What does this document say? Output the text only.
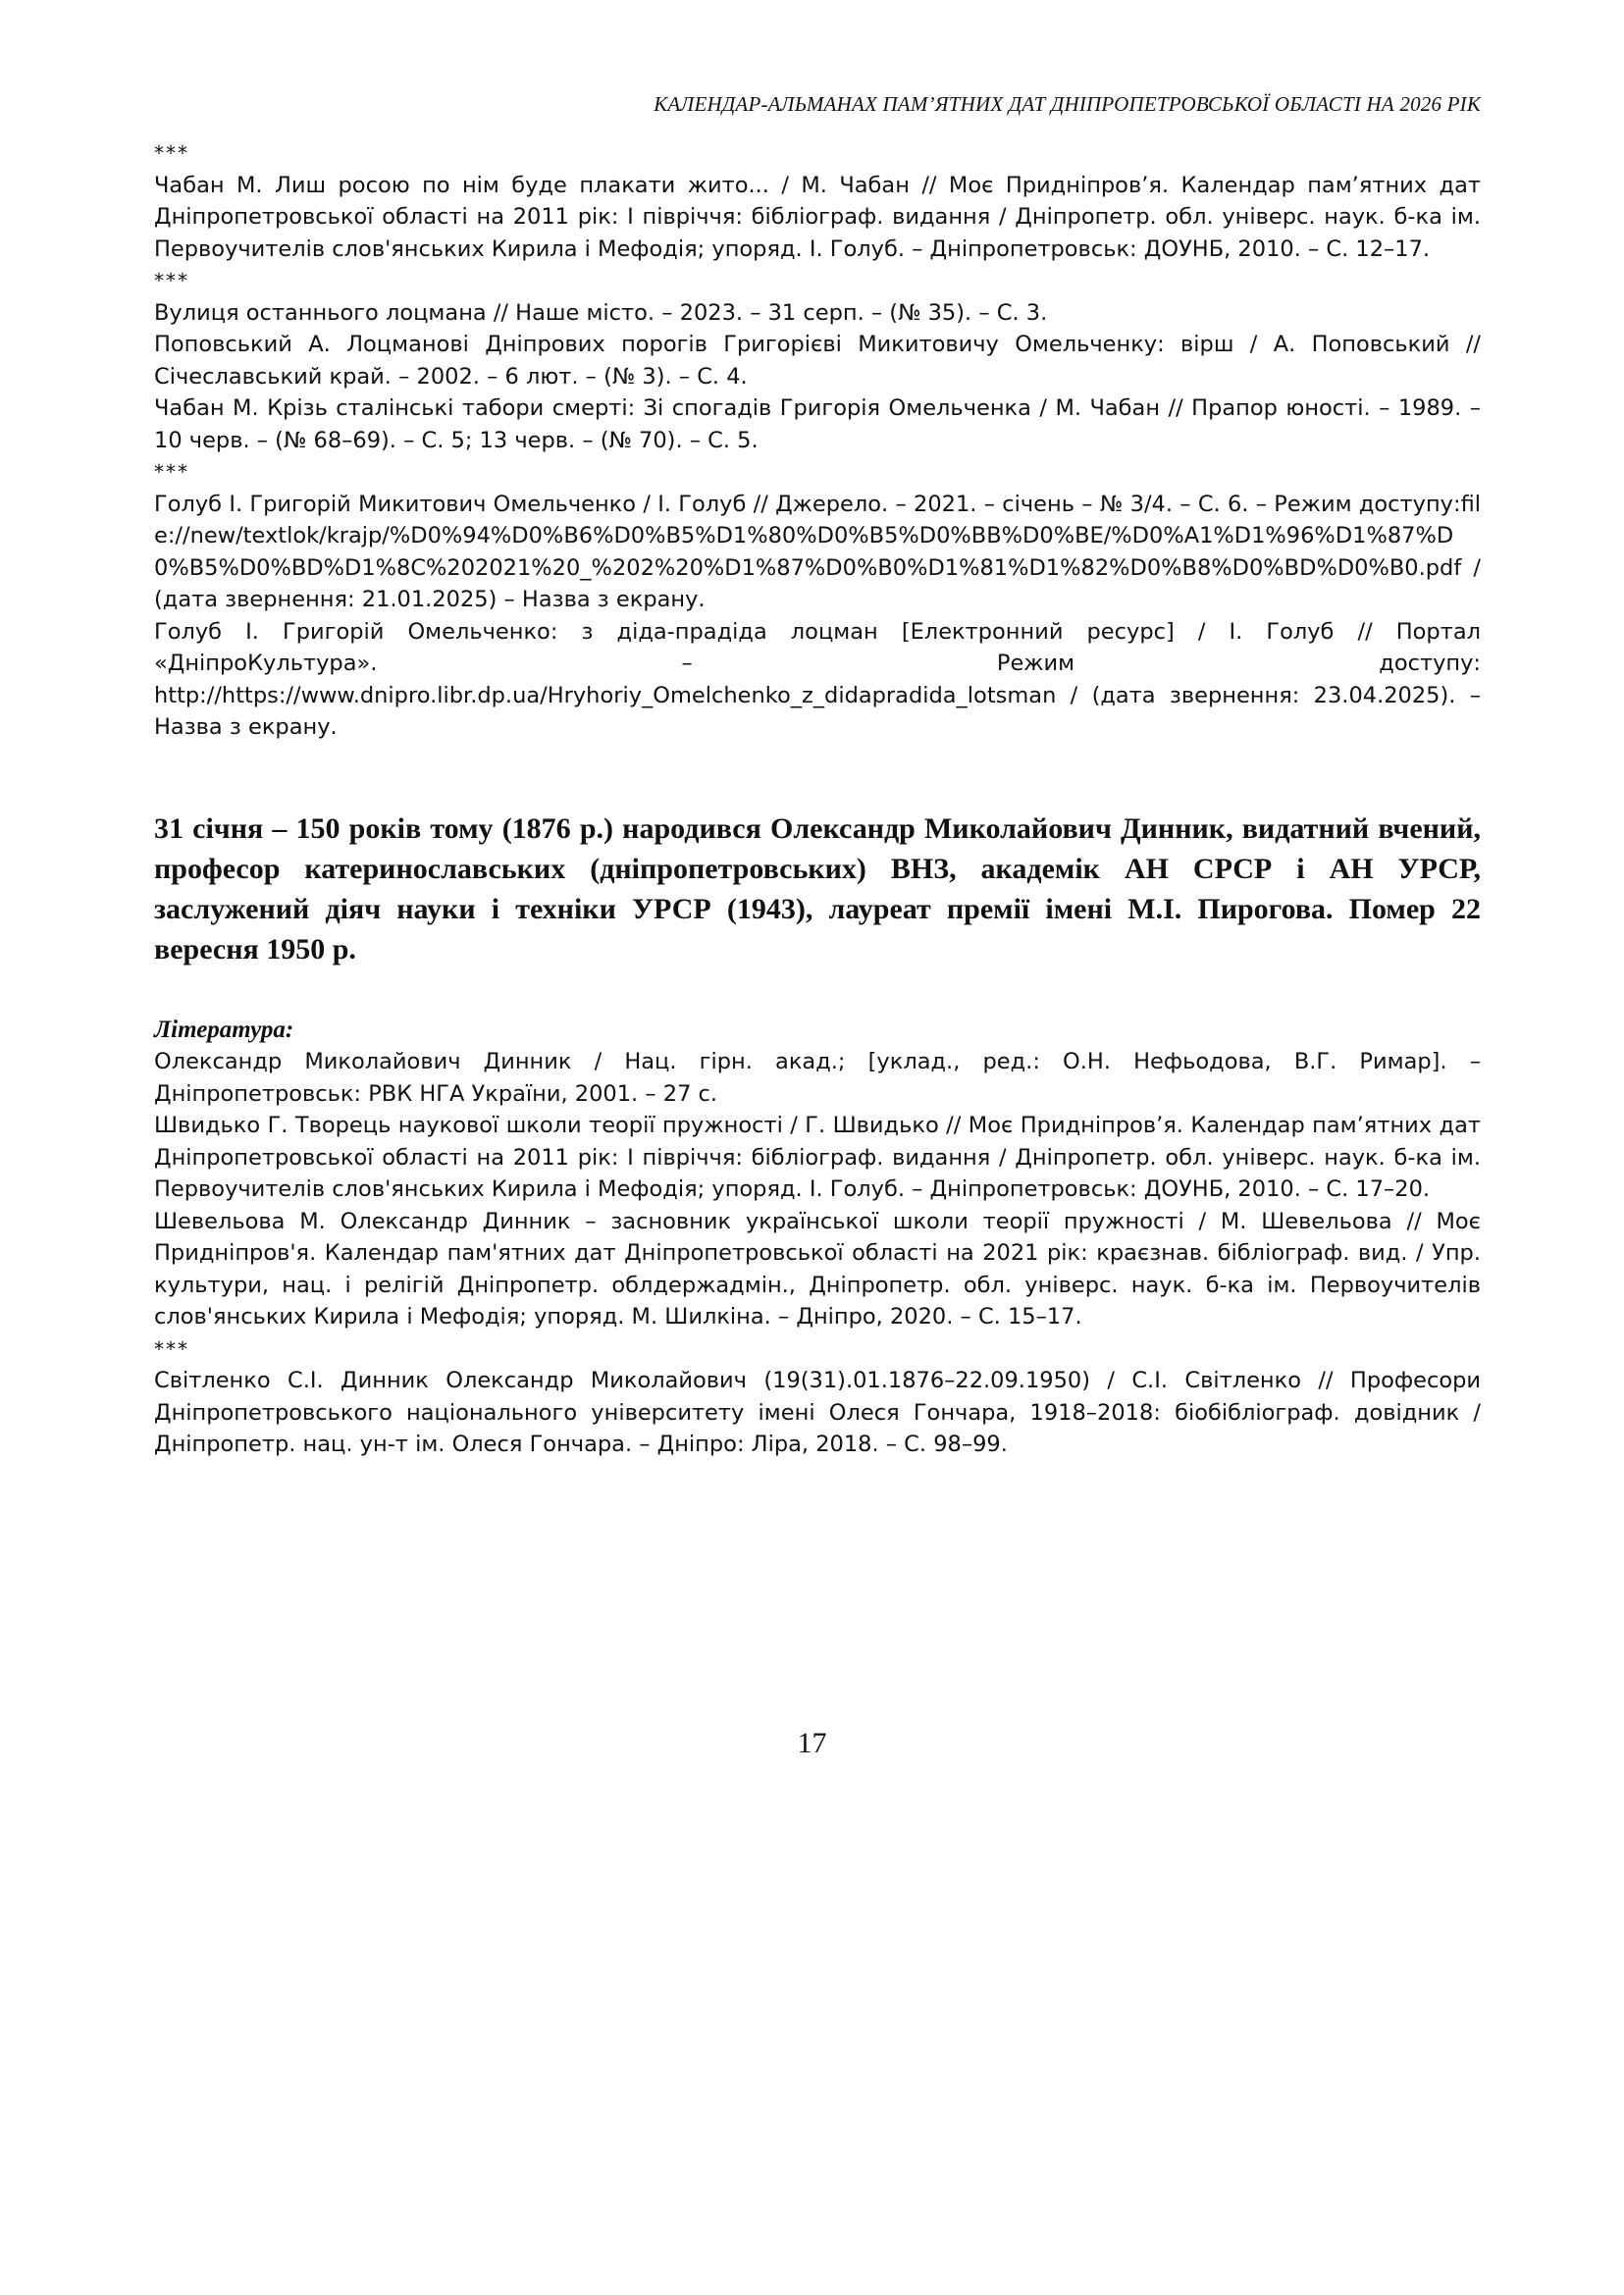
КАЛЕНДАР-АЛЬМАНАХ ПАМ’ЯТНИХ ДАТ ДНІПРОПЕТРОВСЬКОЇ ОБЛАСТІ НА 2026 РІК

***

Чабан М. Лиш росою по нім буде плакати жито... / М. Чабан // Моє Придніпров’я. Календар пам’ятних дат Дніпропетровської області на 2011 рік: I півріччя: бібліограф. видання / Дніпропетр. обл. універс. наук. б-ка ім. Первоучителів слов'янських Кирила і Мефодія; упоряд. І. Голуб. – Дніпропетровськ: ДОУНБ, 2010. – С. 12–17.

***

Вулиця останнього лоцмана // Наше місто. – 2023. – 31 серп. – (№ 35). – С. 3.

Поповський А. Лоцманові Дніпрових порогів Григорієві Микитовичу Омельченку: вірш / А. Поповський // Січеславський край. – 2002. – 6 лют. – (№ 3). – С. 4.

Чабан М. Крізь сталінські табори смерті: Зі спогадів Григорія Омельченка / М. Чабан // Прапор юності. – 1989. – 10 черв. – (№ 68–69). – С. 5; 13 черв. – (№ 70). – С. 5.

***

Голуб І. Григорій Микитович Омельченко / І. Голуб // Джерело. – 2021. – січень – № 3/4. – С. 6. – Режим доступу:file://new/textlok/krajp/%D0%94%D0%B6%D0%B5%D1%80%D0%B5%D0%BB%D0%BE/%D0%A1%D1%96%D1%87%D0%B5%D0%BD%D1%8C%202021%20_%202%20%D1%87%D0%B0%D1%81%D1%82%D0%B8%D0%BD%D0%B0.pdf / (дата звернення: 21.01.2025) – Назва з екрану.

Голуб І. Григорій Омельченко: з діда-прадіда лоцман [Електронний ресурс] / І. Голуб // Портал «ДніпроКультура». – Режим доступу: http://https://www.dnipro.libr.dp.ua/Hryhoriy_Omelchenko_z_didapradida_lotsman / (дата звернення: 23.04.2025). – Назва з екрану.

31 січня – 150 років тому (1876 р.) народився Олександр Миколайович Динник, видатний вчений, професор катеринославських (дніпропетровських) ВНЗ, академік АН СРСР і АН УРСР, заслужений діяч науки і техніки УРСР (1943), лауреат премії імені М.І. Пирогова. Помер 22 вересня 1950 р.

Література:

Олександр Миколайович Динник / Нац. гірн. акад.; [уклад., ред.: О.Н. Нефьодова, В.Г. Римар]. – Дніпропетровськ: РВК НГА України, 2001. – 27 с.

Швидько Г. Творець наукової школи теорії пружності / Г. Швидько // Моє Придніпров’я. Календар пам’ятних дат Дніпропетровської області на 2011 рік: I півріччя: бібліограф. видання / Дніпропетр. обл. універс. наук. б-ка ім. Первоучителів слов'янських Кирила і Мефодія; упоряд. І. Голуб. – Дніпропетровськ: ДОУНБ, 2010. – С. 17–20.

Шевельова М. Олександр Динник – засновник української школи теорії пружності / М. Шевельова // Моє Придніпров'я. Календар пам'ятних дат Дніпропетровської області на 2021 рік: краєзнав. бібліограф. вид. / Упр. культури, нац. і релігій Дніпропетр. облдержадмін., Дніпропетр. обл. універс. наук. б-ка ім. Первоучителів слов'янських Кирила і Мефодія; упоряд. М. Шилкіна. – Дніпро, 2020. – С. 15–17.

***

Світленко С.І. Динник Олександр Миколайович (19(31).01.1876–22.09.1950) / С.І. Світленко // Професори Дніпропетровського національного університету імені Олеся Гончара, 1918–2018: біобібліограф. довідник / Дніпропетр. нац. ун-т ім. Олеся Гончара. – Дніпро: Ліра, 2018. – С. 98–99.

17
